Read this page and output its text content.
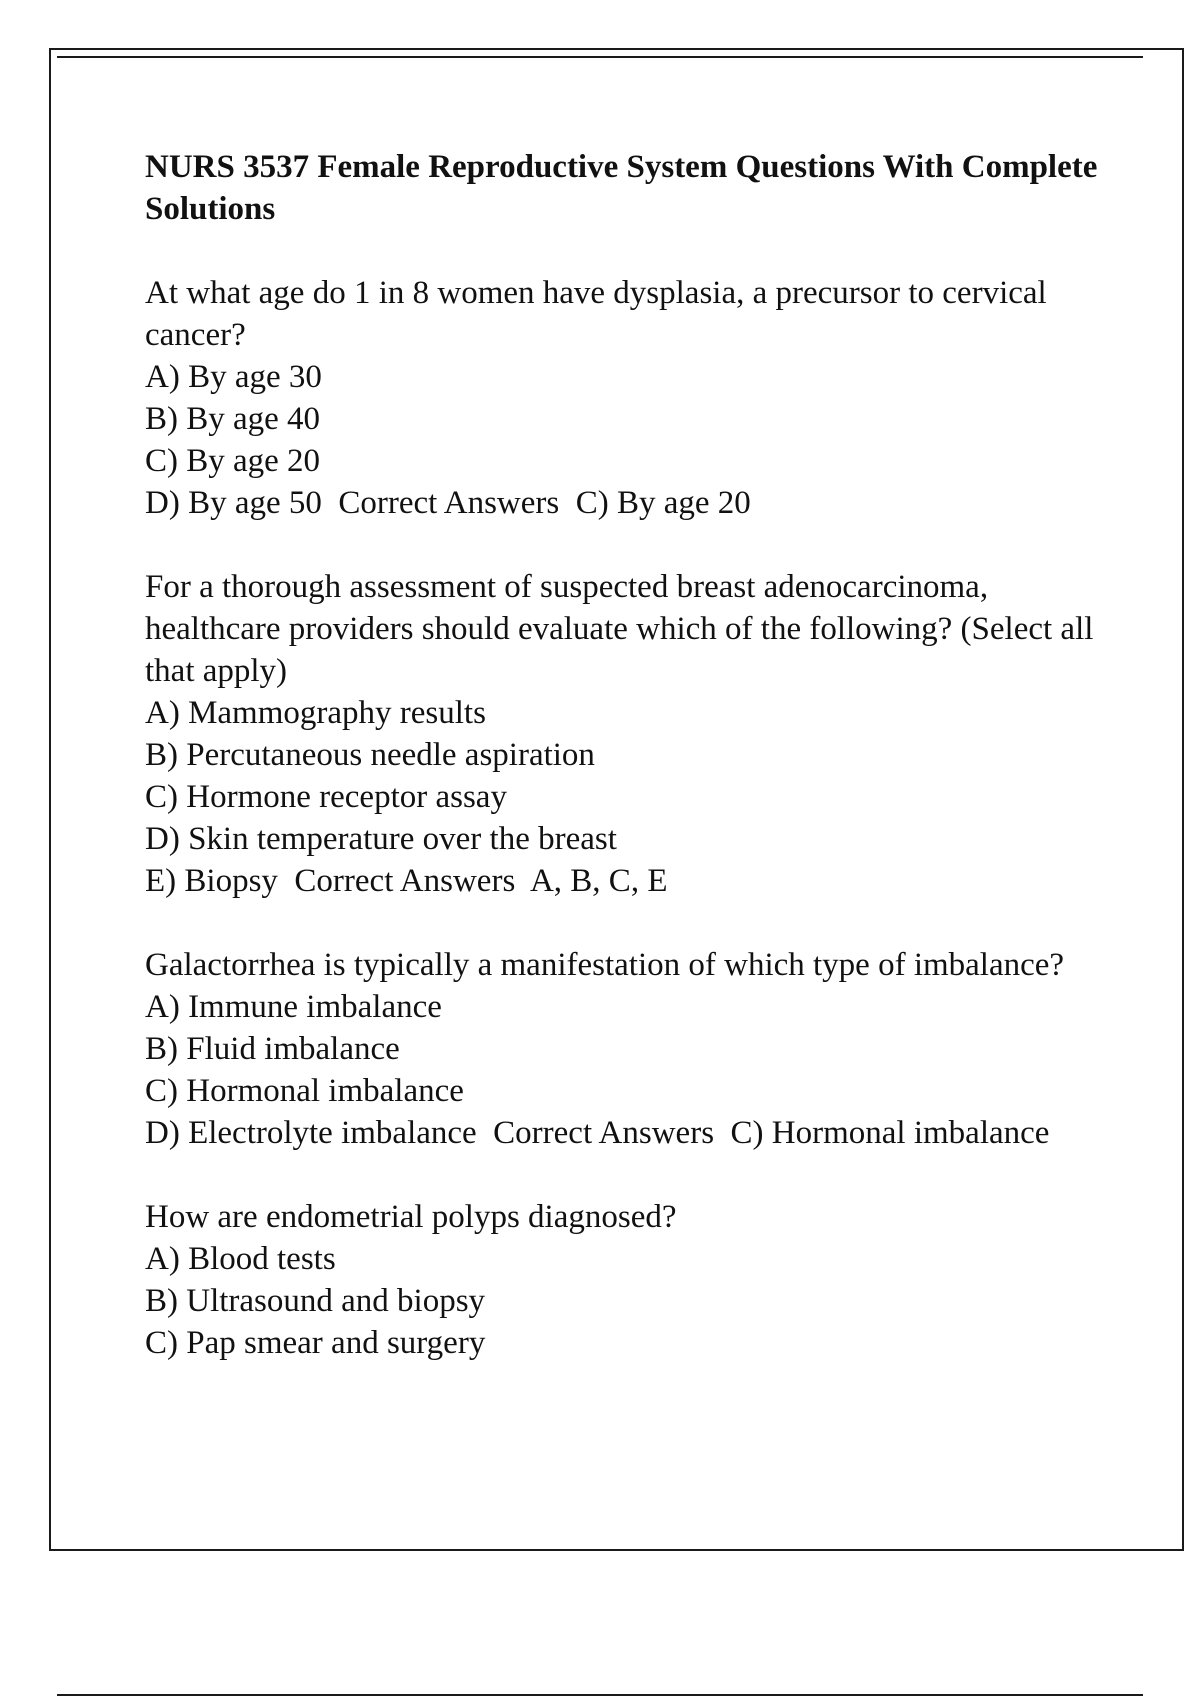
NURS 3537 Female Reproductive System Questions With Complete Solutions
At what age do 1 in 8 women have dysplasia, a precursor to cervical cancer?
A) By age 30
B) By age 40
C) By age 20
D) By age 50  Correct Answers  C) By age 20
For a thorough assessment of suspected breast adenocarcinoma, healthcare providers should evaluate which of the following? (Select all that apply)
A) Mammography results
B) Percutaneous needle aspiration
C) Hormone receptor assay
D) Skin temperature over the breast
E) Biopsy  Correct Answers  A, B, C, E
Galactorrhea is typically a manifestation of which type of imbalance?
A) Immune imbalance
B) Fluid imbalance
C) Hormonal imbalance
D) Electrolyte imbalance  Correct Answers  C) Hormonal imbalance
How are endometrial polyps diagnosed?
A) Blood tests
B) Ultrasound and biopsy
C) Pap smear and surgery
